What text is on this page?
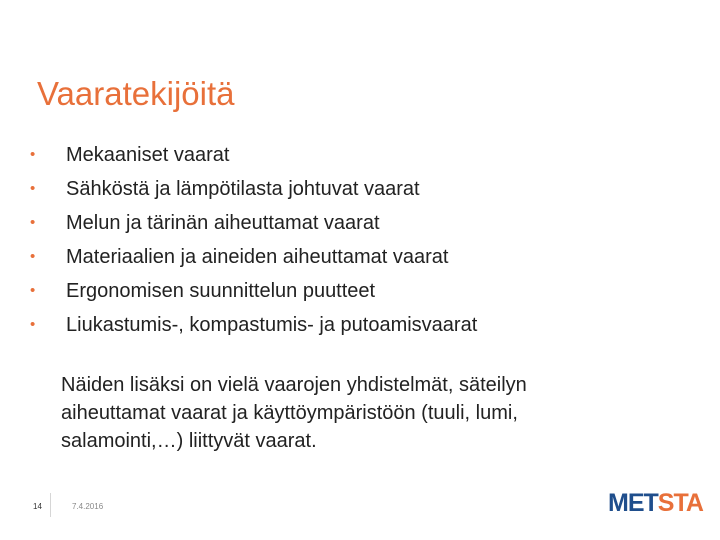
Vaaratekijöitä
• Mekaaniset vaarat
• Sähköstä ja lämpötilasta johtuvat vaarat
• Melun ja tärinän aiheuttamat vaarat
• Materiaalien ja aineiden aiheuttamat vaarat
• Ergonomisen suunnittelun puutteet
• Liukastumis-, kompastumis- ja putoamisvaarat

Näiden lisäksi on vielä vaarojen yhdistelmät, säteilyn
aiheuttamat vaarat ja käyttöympäristöön (tuuli, lumi,
salamointi,…) liittyvät vaarat.

14	7.4.2016	METSTA
